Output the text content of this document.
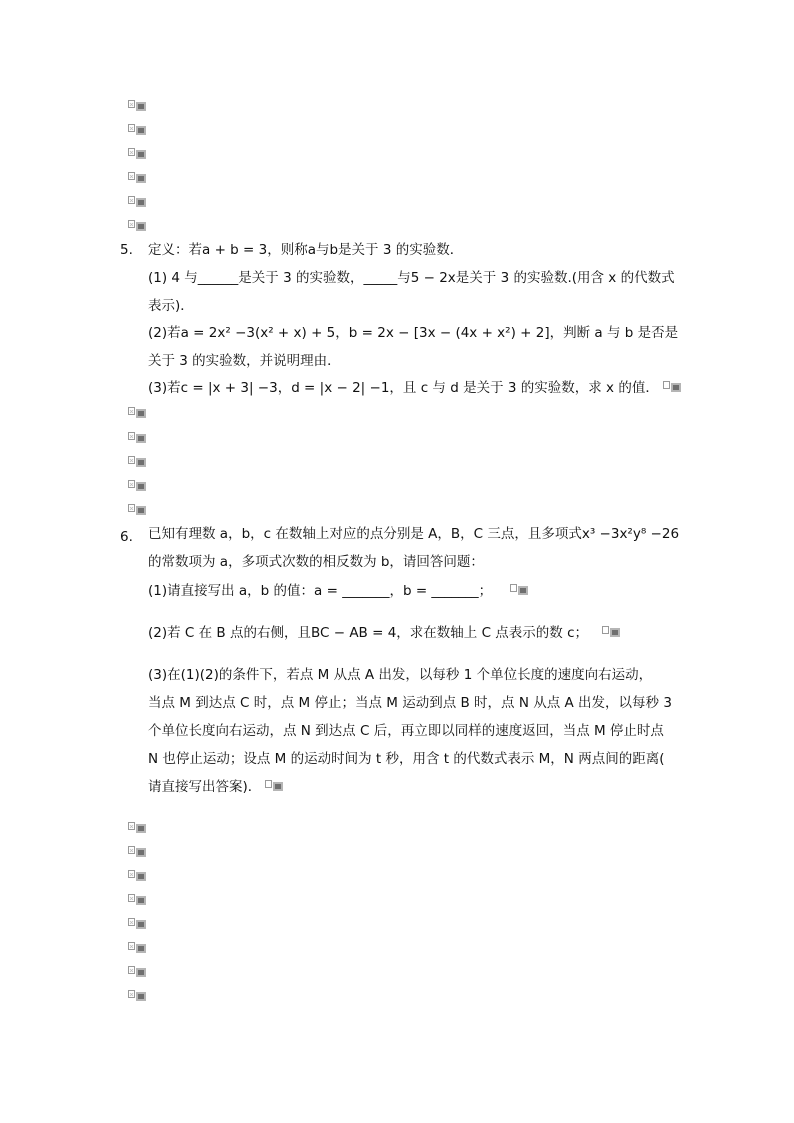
5. 定义：若a + b = 3，则称a与b是关于 3 的实验数．
(1) 4 与______是关于 3 的实验数，_____与5 − 2x是关于 3 的实验数.(用含 x 的代数式
表示)．
(2)若a = 2x² −3(x² + x) + 5，b = 2x − [3x − (4x + x²) + 2]，判断 a 与 b 是否是
关于 3 的实验数，并说明理由．
(3)若c = |x + 3| −3，d = |x − 2| −1，且 c 与 d 是关于 3 的实验数，求 x 的值．
6. 已知有理数 a，b，c 在数轴上对应的点分别是 A，B，C 三点，且多项式x³ −3x²y⁸ −26
的常数项为 a，多项式次数的相反数为 b，请回答问题：
(1)请直接写出 a，b 的值：a = _______，b = _______；
(2)若 C 在 B 点的右侧，且BC − AB = 4，求在数轴上 C 点表示的数 c；
(3)在(1)(2)的条件下，若点 M 从点 A 出发，以每秒 1 个单位长度的速度向右运动，
当点 M 到达点 C 时，点 M 停止；当点 M 运动到点 B 时，点 N 从点 A 出发，以每秒 3
个单位长度向右运动，点 N 到达点 C 后，再立即以同样的速度返回，当点 M 停止时点
N 也停止运动；设点 M 的运动时间为 t 秒，用含 t 的代数式表示 M，N 两点间的距离(
请直接写出答案)．
